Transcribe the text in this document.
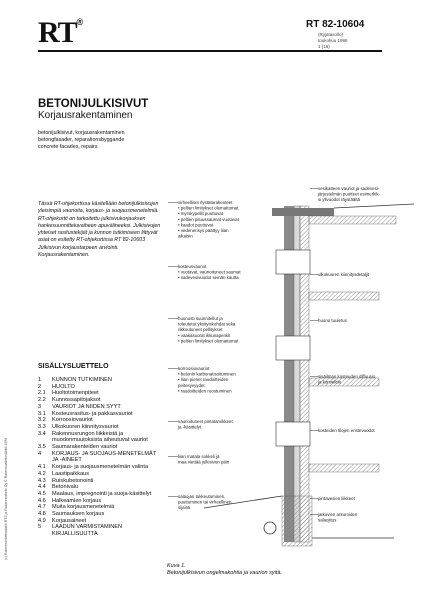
RT®	RT 82-10604
(Ryjatasollo)
toukokuu 1996
1 (16)
BETONIJULKISIVUT
Korjausrakentaminen
betonijulkisivut, korjausrakentaminen
betongfasader, reparationsbyggande
concrete facades, repairs
Tässä RT-ohjekortissa käsitellään betonijulkisivujen yleisimpiä vaurioita, korjaus- ja suojausmenetelmiä. RT-ohjekortti on tarkoitettu julkisivukorjauksen hankesuunnitteluvaiheen apuvälineeksi. Julkisivujen yhteiset rasitustekijät ja kunnon tutkimiseen liittyvät asiat on esitetty RT-ohjekortissa RT 82-10603 Julkisivun korjaustarpeen arviointi. Korjausrakentaminen.
SISÄLLYSLUETTELO
1	KUNNON TUTKIMINEN
2	HUOLTO
2.1	Huoltotoimenpiteet
2.2	Kunnossapitojaksot
3	VAURIOT JA NIIDEN SYYT
3.1	Kosteusrasitus- ja pakkasvauriot
3.2	Korroosiovauriot
3.3	Ulkokuoren kiinnitysvauriot
3.4	Rakennusrungon liikkeistä ja muodonmuutoksista aiheutuvat vauriot
3.5	Saumarakenteiden vauriot
4	KORJAUS- JA SUOJAUS-MENETELMÄT JA -AINEET
4.1	Korjaus- ja suojausmenetelmän valinta
4.2	Laastipaikkaus
4.3	Ruiskubetonointi
4.4	Betonivalu
4.5	Maalaus, impregnointi ja suoja-käsittelyt
4.6	Halkeamien korjaus
4.7	Muita korjausmenetelmiä
4.8	Saumauksen korjaus
4.9	Korjausaineet
5	LAADUN VARMISTAMINEN KIRJALLISUUTTA
(c) Rakennustietosäätiö RTS ja Rakennustieto Oy © Rakennustietosäätiö 1996
virheelliset rlystätarakenteet
• peltien limitykset olemattomat
• myrskypellit puuttuvat
• peltien pituussaumat vuotavat
• kaadot puuttuvat
• vedenerisys päättyy liian
aikaisin
kosteusvauriot
• vuotavat, vaurioituneet saumat
• sadevesivuodot seinän kautta
huonosti suunnitellut ja
toteutetut yksityiskohdat sekä
rikkoutuneet pellitykset
• vaakasuorat ikkunapenkit
• peltien limitykset olemattomat
korroosiovauriot
• betonin karbonatisoituminen
• liian pienet raudoitteiden
peitesyvyydet
• raudoitteiden ruostuminen
vaurioituneet pintatarvikkeet
ja -käsittelyt
liian matala sokkeli ja
maa viettää julkisivun päin
salaojan tukkeutuminen,
puuttuminen tai virheellinen
sijainti
vesikatteen vauriot ja sadevesi-
järjestelmän puutteet esimerkik-
si ylivuodot räystäältä
ulkokuoren kiinnitysdetaljit
huono tuuletus
sisäilman kosteuden diffuusio
ja konvektio
kosteiden tilojen eristevuodot
pintavesien liikkeet
jatkuvien anturoiden
salaojitus
Kuva 1.
Betonijulkisivun ongelmakohtia ja vaurion syitä.
